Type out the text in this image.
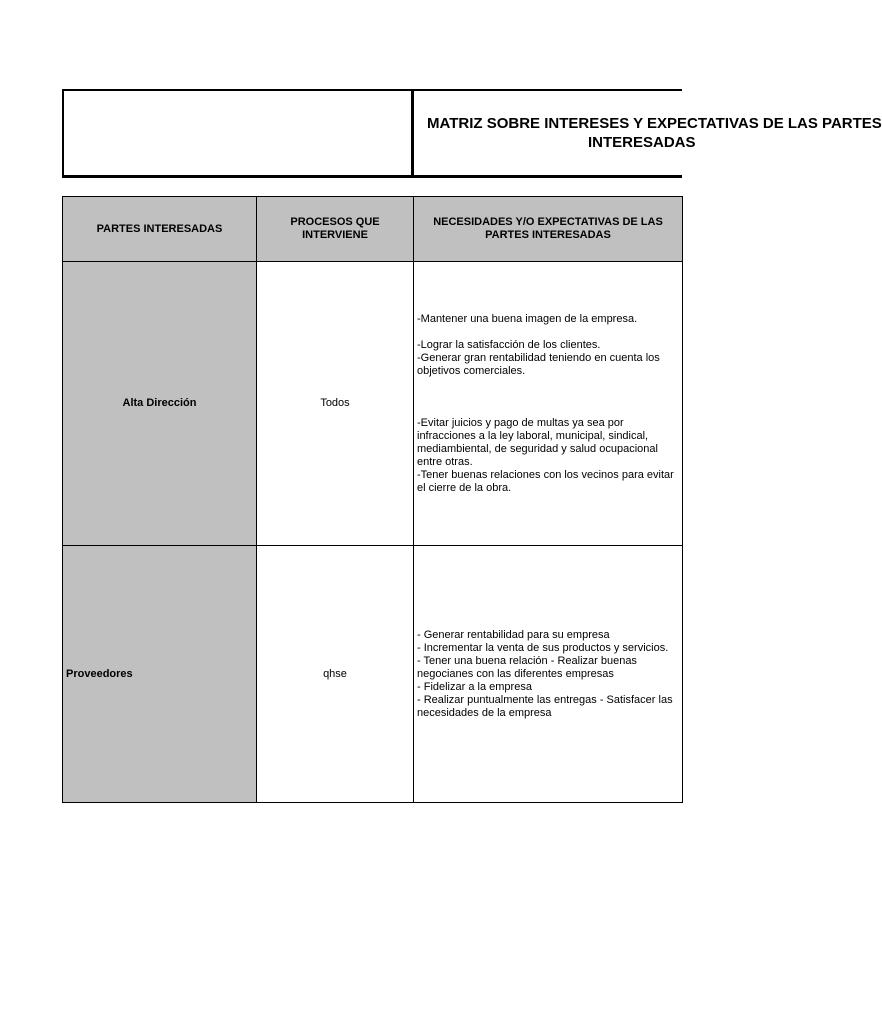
MATRIZ SOBRE INTERESES Y EXPECTATIVAS DE LAS PARTES
INTERESADAS
PARTES INTERESADAS	PROCESOS QUE INTERVIENE	NECESIDADES Y/O EXPECTATIVAS DE LAS PARTES INTERESADAS
Alta Dirección	Todos	-Mantener una buena imagen de la empresa.

-Lograr la satisfacción de los clientes.
-Generar gran rentabilidad teniendo en cuenta los objetivos comerciales.

-Evitar juicios y pago de multas ya sea por infracciones a la ley laboral, municipal, sindical, mediambiental, de seguridad y salud ocupacional entre otras.
-Tener buenas relaciones con los vecinos para evitar el cierre de la obra.
Proveedores	qhse	- Generar rentabilidad para su empresa
- Incrementar la venta de sus productos y servicios.
- Tener una buena relación - Realizar buenas negocianes con las diferentes empresas
- Fidelizar a la empresa
- Realizar puntualmente las entregas - Satisfacer las necesidades de la empresa
